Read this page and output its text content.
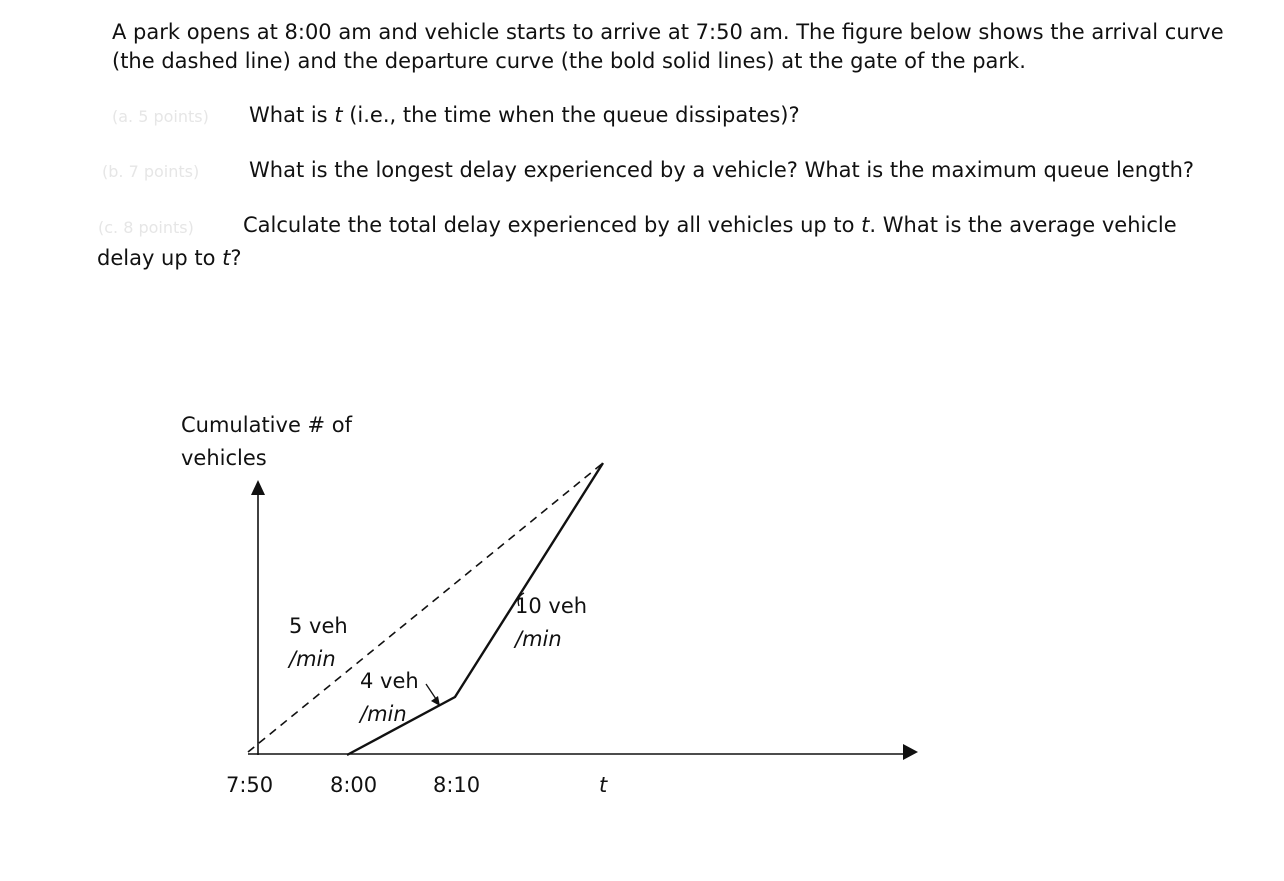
A park opens at 8:00 am and vehicle starts to arrive at 7:50 am. The figure below shows the arrival curve

(the dashed line) and the departure curve (the bold solid lines) at the gate of the park.

(a. 5 points) What is t (i.e., the time when the queue dissipates)?

(b. 7 points) What is the longest delay experienced by a vehicle? What is the maximum queue length?

(c. 8 points) Calculate the total delay experienced by all vehicles up to t. What is the average vehicle

delay up to t?

Cumulative # of
vehicles
7:50	8:00	8:10	t
5 veh
/min
4 veh
/min
10 veh
/min
